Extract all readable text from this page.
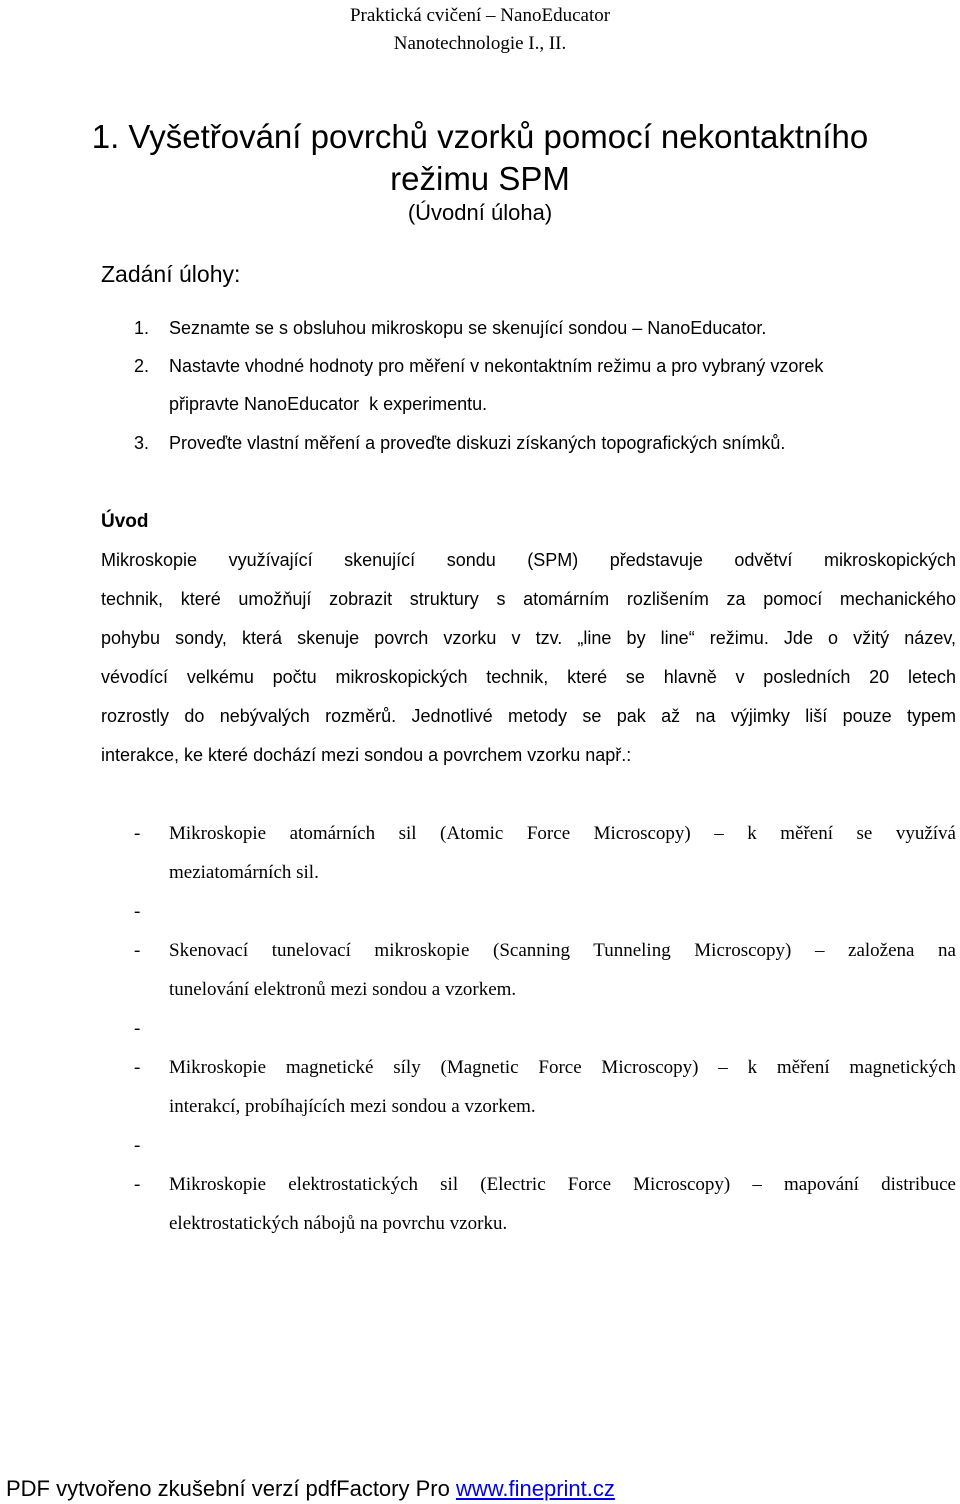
Praktická cvičení – NanoEducator
Nanotechnologie I., II.
1. Vyšetřování povrchů vzorků pomocí nekontaktního
režimu SPM
(Úvodní úloha)
Zadání úlohy:
1. Seznamte se s obsluhou mikroskopu se skenující sondou – NanoEducator.
2. Nastavte vhodné hodnoty pro měření v nekontaktním režimu a pro vybraný vzorek
připravte NanoEducator  k experimentu.
3. Proveďte vlastní měření a proveďte diskuzi získaných topografických snímků.
Úvod
Mikroskopie využívající skenující sondu (SPM) představuje odvětví mikroskopických
technik, které umožňují zobrazit struktury s atomárním rozlišením za pomocí mechanického
pohybu sondy, která skenuje povrch vzorku v tzv. „line by line“ režimu. Jde o vžitý název,
vévodící velkému počtu mikroskopických technik, které se hlavně v posledních 20 letech
rozrostly do nebývalých rozměrů. Jednotlivé metody se pak až na výjimky liší pouze typem
interakce, ke které dochází mezi sondou a povrchem vzorku např.:
- Mikroskopie atomárních sil (Atomic Force Microscopy) – k měření se využívá
meziatomárních sil.
-
- Skenovací tunelovací mikroskopie (Scanning Tunneling Microscopy) – založena na
tunelování elektronů mezi sondou a vzorkem.
-
- Mikroskopie magnetické síly (Magnetic Force Microscopy) – k měření magnetických
interakcí, probíhajících mezi sondou a vzorkem.
-
- Mikroskopie elektrostatických sil (Electric Force Microscopy) – mapování distribuce
elektrostatických nábojů na povrchu vzorku.
PDF vytvořeno zkušební verzí pdfFactory Pro www.fineprint.cz
